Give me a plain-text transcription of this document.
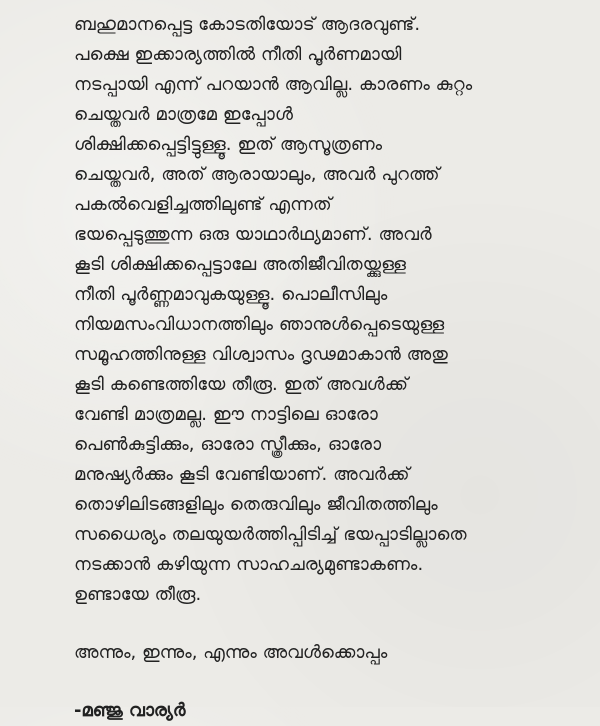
ബഹുമാനപ്പെട്ട കോടതിയോട് ആദരവുണ്ട്.
പക്ഷെ ഇക്കാര്യത്തിൽ നീതി പൂർണമായി
നടപ്പായി എന്ന് പറയാൻ ആവില്ല. കാരണം കുറ്റം
ചെയ്തവർ മാത്രമേ ഇപ്പോൾ
ശിക്ഷിക്കപ്പെട്ടിട്ടുള്ളൂ. ഇത് ആസൂത്രണം
ചെയ്തവർ, അത് ആരായാലും, അവർ പുറത്ത്
പകൽവെളിച്ചത്തിലുണ്ട് എന്നത്
ഭയപ്പെടുത്തുന്ന ഒരു യാഥാർഥ്യമാണ്. അവർ
കൂടി ശിക്ഷിക്കപ്പെട്ടാലേ അതിജീവിതയ്ക്കുള്ള
നീതി പൂർണ്ണമാവുകയുള്ളൂ. പൊലീസിലും
നിയമസംവിധാനത്തിലും ഞാനുൾപ്പെടെയുള്ള
സമൂഹത്തിനുള്ള വിശ്വാസം ദൃഢമാകാൻ അതു
കൂടി കണ്ടെത്തിയേ തീരൂ. ഇത് അവൾക്ക്
വേണ്ടി മാത്രമല്ല. ഈ നാട്ടിലെ ഓരോ
പെൺകുട്ടിക്കും, ഓരോ സ്ത്രീക്കും, ഓരോ
മനുഷ്യർക്കും കൂടി വേണ്ടിയാണ്. അവർക്ക്
തൊഴിലിടങ്ങളിലും തെരുവിലും ജീവിതത്തിലും
സധൈര്യം തലയുയർത്തിപ്പിടിച്ച് ഭയപ്പാടില്ലാതെ
നടക്കാൻ കഴിയുന്ന സാഹചര്യമുണ്ടാകണം.
ഉണ്ടായേ തീരൂ.
അന്നും, ഇന്നും, എന്നും അവൾക്കൊപ്പം
-മഞ്ജു വാര്യർ
